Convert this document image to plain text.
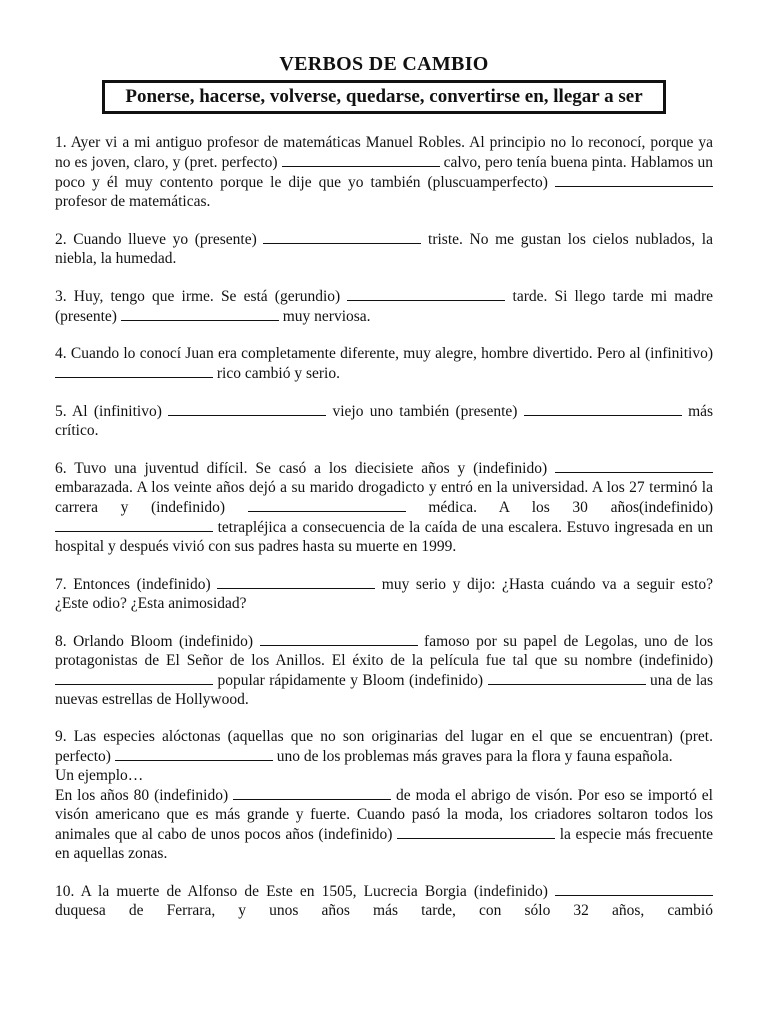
VERBOS DE CAMBIO
Ponerse, hacerse, volverse, quedarse, convertirse en, llegar a ser

1. Ayer vi a mi antiguo profesor de matemáticas Manuel Robles. Al principio no lo reconocí, porque ya no es joven, claro, y (pret. perfecto)	calvo, pero tenía buena pinta. Hablamos un poco y él muy contento porque le dije que yo también (pluscuamperfecto)  profesor de matemáticas.

2. Cuando llueve yo (presente)	triste. No me gustan los cielos nublados, la niebla, la humedad.

3. Huy, tengo que irme. Se está (gerundio)	tarde. Si llego tarde mi madre (presente)	muy nerviosa.

4. Cuando lo conocí Juan era completamente diferente, muy alegre, hombre divertido. Pero al (infinitivo)  rico cambió y serio.

5. Al (infinitivo)	viejo uno también (presente)	más crítico.

6. Tuvo una juventud difícil. Se casó a los diecisiete años y (indefinido)  embarazada. A los veinte años dejó a su marido drogadicto y entró en la universidad. A los 27 terminó la carrera y (indefinido)	médica. A los 30 años(indefinido)  tetrapléjica a consecuencia de la caída de una escalera. Estuvo ingresada en un hospital y después vivió con sus padres hasta su muerte en 1999.

7. Entonces (indefinido)	muy serio y dijo: ¿Hasta cuándo va a seguir esto? ¿Este odio? ¿Esta animosidad?

8. Orlando Bloom (indefinido)	famoso por su papel de Legolas, uno de los protagonistas de El Señor de los Anillos. El éxito de la película fue tal que su nombre (indefinido)  popular rápidamente y Bloom (indefinido)	una de las nuevas estrellas de Hollywood.

9. Las especies alóctonas (aquellas que no son originarias del lugar en el que se encuentran) (pret. perfecto)	uno de los problemas más graves para la flora y fauna española.

Un ejemplo…

En los años 80 (indefinido)	de moda el abrigo de visón. Por eso se importó el visón americano que es más grande y fuerte. Cuando pasó la moda, los criadores soltaron todos los animales que al cabo de unos pocos años (indefinido)	la especie más frecuente en aquellas zonas.

10. A la muerte de Alfonso de Este en 1505, Lucrecia Borgia (indefinido)  duquesa de Ferrara, y unos años más tarde, con sólo 32 años, cambió
